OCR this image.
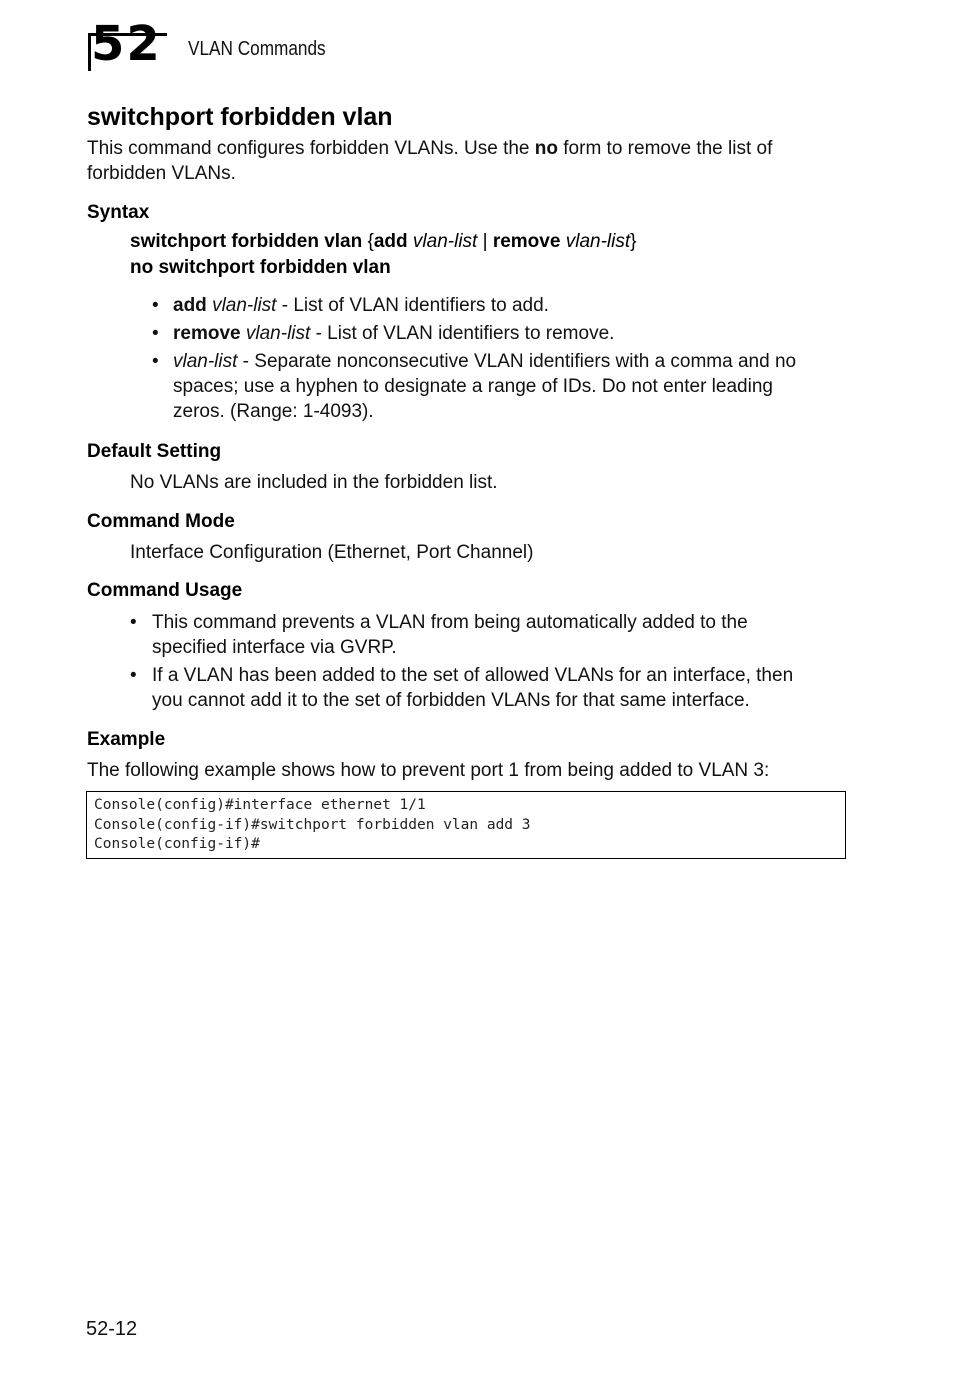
52 VLAN Commands
switchport forbidden vlan

This command configures forbidden VLANs. Use the no form to remove the list of

forbidden VLANs.

Syntax
switchport forbidden vlan {add vlan-list | remove vlan-list}
no switchport forbidden vlan
• add vlan-list - List of VLAN identifiers to add.
• remove vlan-list - List of VLAN identifiers to remove.
• vlan-list - Separate nonconsecutive VLAN identifiers with a comma and no
spaces; use a hyphen to designate a range of IDs. Do not enter leading
zeros. (Range: 1-4093).
Default Setting

No VLANs are included in the forbidden list.

Command Mode

Interface Configuration (Ethernet, Port Channel)

Command Usage
• This command prevents a VLAN from being automatically added to the
specified interface via GVRP.
• If a VLAN has been added to the set of allowed VLANs for an interface, then
you cannot add it to the set of forbidden VLANs for that same interface.
Example

The following example shows how to prevent port 1 from being added to VLAN 3:

Console(config)#interface ethernet 1/1
Console(config-if)#switchport forbidden vlan add 3
Console(config-if)#
52-12
